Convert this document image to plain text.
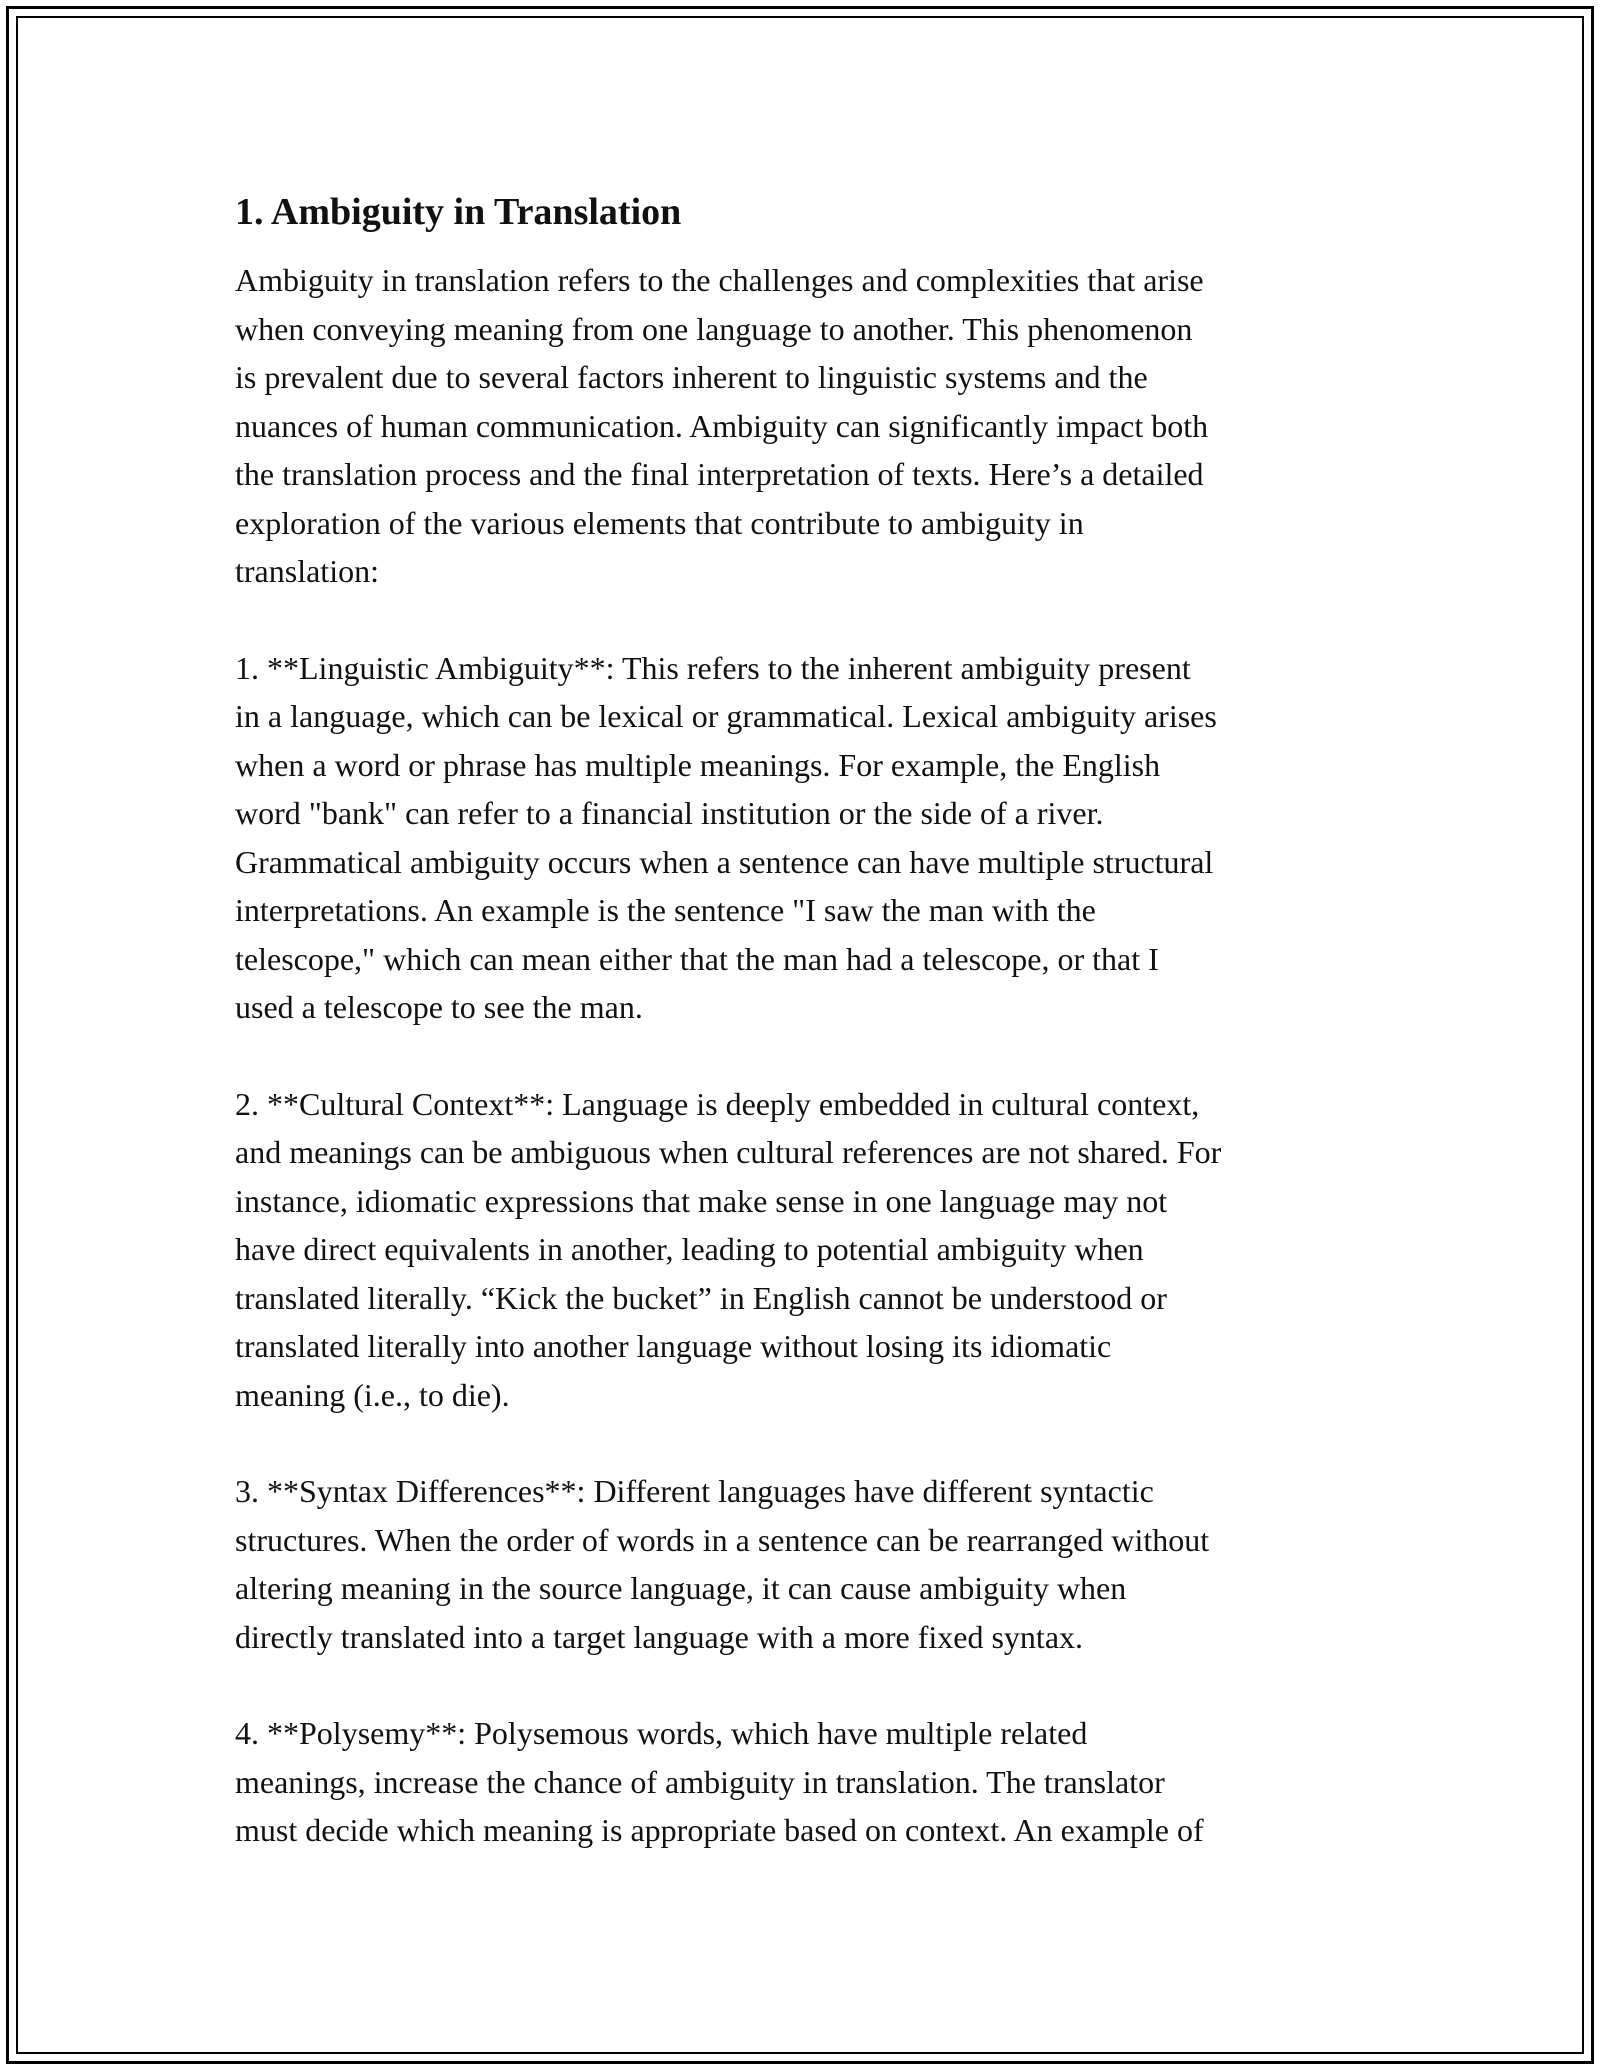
1. Ambiguity in Translation

Ambiguity in translation refers to the challenges and complexities that arise
when conveying meaning from one language to another. This phenomenon
is prevalent due to several factors inherent to linguistic systems and the
nuances of human communication. Ambiguity can significantly impact both
the translation process and the final interpretation of texts. Here’s a detailed
exploration of the various elements that contribute to ambiguity in
translation:

1. **Linguistic Ambiguity**: This refers to the inherent ambiguity present
in a language, which can be lexical or grammatical. Lexical ambiguity arises
when a word or phrase has multiple meanings. For example, the English
word "bank" can refer to a financial institution or the side of a river.
Grammatical ambiguity occurs when a sentence can have multiple structural
interpretations. An example is the sentence "I saw the man with the
telescope," which can mean either that the man had a telescope, or that I
used a telescope to see the man.

2. **Cultural Context**: Language is deeply embedded in cultural context,
and meanings can be ambiguous when cultural references are not shared. For
instance, idiomatic expressions that make sense in one language may not
have direct equivalents in another, leading to potential ambiguity when
translated literally. “Kick the bucket” in English cannot be understood or
translated literally into another language without losing its idiomatic
meaning (i.e., to die).

3. **Syntax Differences**: Different languages have different syntactic
structures. When the order of words in a sentence can be rearranged without
altering meaning in the source language, it can cause ambiguity when
directly translated into a target language with a more fixed syntax.

4. **Polysemy**: Polysemous words, which have multiple related
meanings, increase the chance of ambiguity in translation. The translator
must decide which meaning is appropriate based on context. An example of
